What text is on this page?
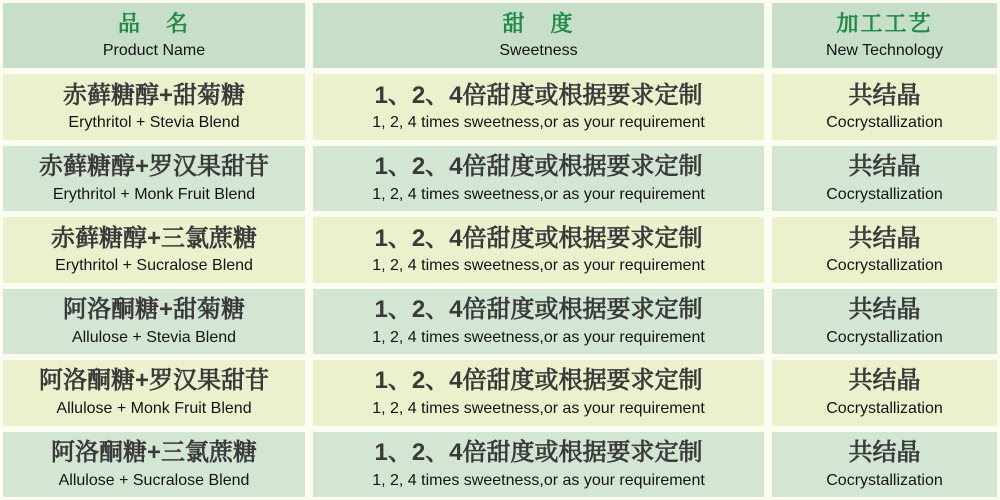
品　名
Product Name
甜　度
Sweetness
加工工艺
New Technology
赤藓糖醇+甜菊糖
Erythritol + Stevia Blend
1、2、4倍甜度或根据要求定制
1, 2, 4 times sweetness,or as your requirement
共结晶
Cocrystallization
赤藓糖醇+罗汉果甜苷
Erythritol + Monk Fruit Blend
1、2、4倍甜度或根据要求定制
1, 2, 4 times sweetness,or as your requirement
共结晶
Cocrystallization
赤藓糖醇+三氯蔗糖
Erythritol + Sucralose Blend
1、2、4倍甜度或根据要求定制
1, 2, 4 times sweetness,or as your requirement
共结晶
Cocrystallization
阿洛酮糖+甜菊糖
Allulose + Stevia Blend
1、2、4倍甜度或根据要求定制
1, 2, 4 times sweetness,or as your requirement
共结晶
Cocrystallization
阿洛酮糖+罗汉果甜苷
Allulose + Monk Fruit Blend
1、2、4倍甜度或根据要求定制
1, 2, 4 times sweetness,or as your requirement
共结晶
Cocrystallization
阿洛酮糖+三氯蔗糖
Allulose + Sucralose Blend
1、2、4倍甜度或根据要求定制
1, 2, 4 times sweetness,or as your requirement
共结晶
Cocrystallization
